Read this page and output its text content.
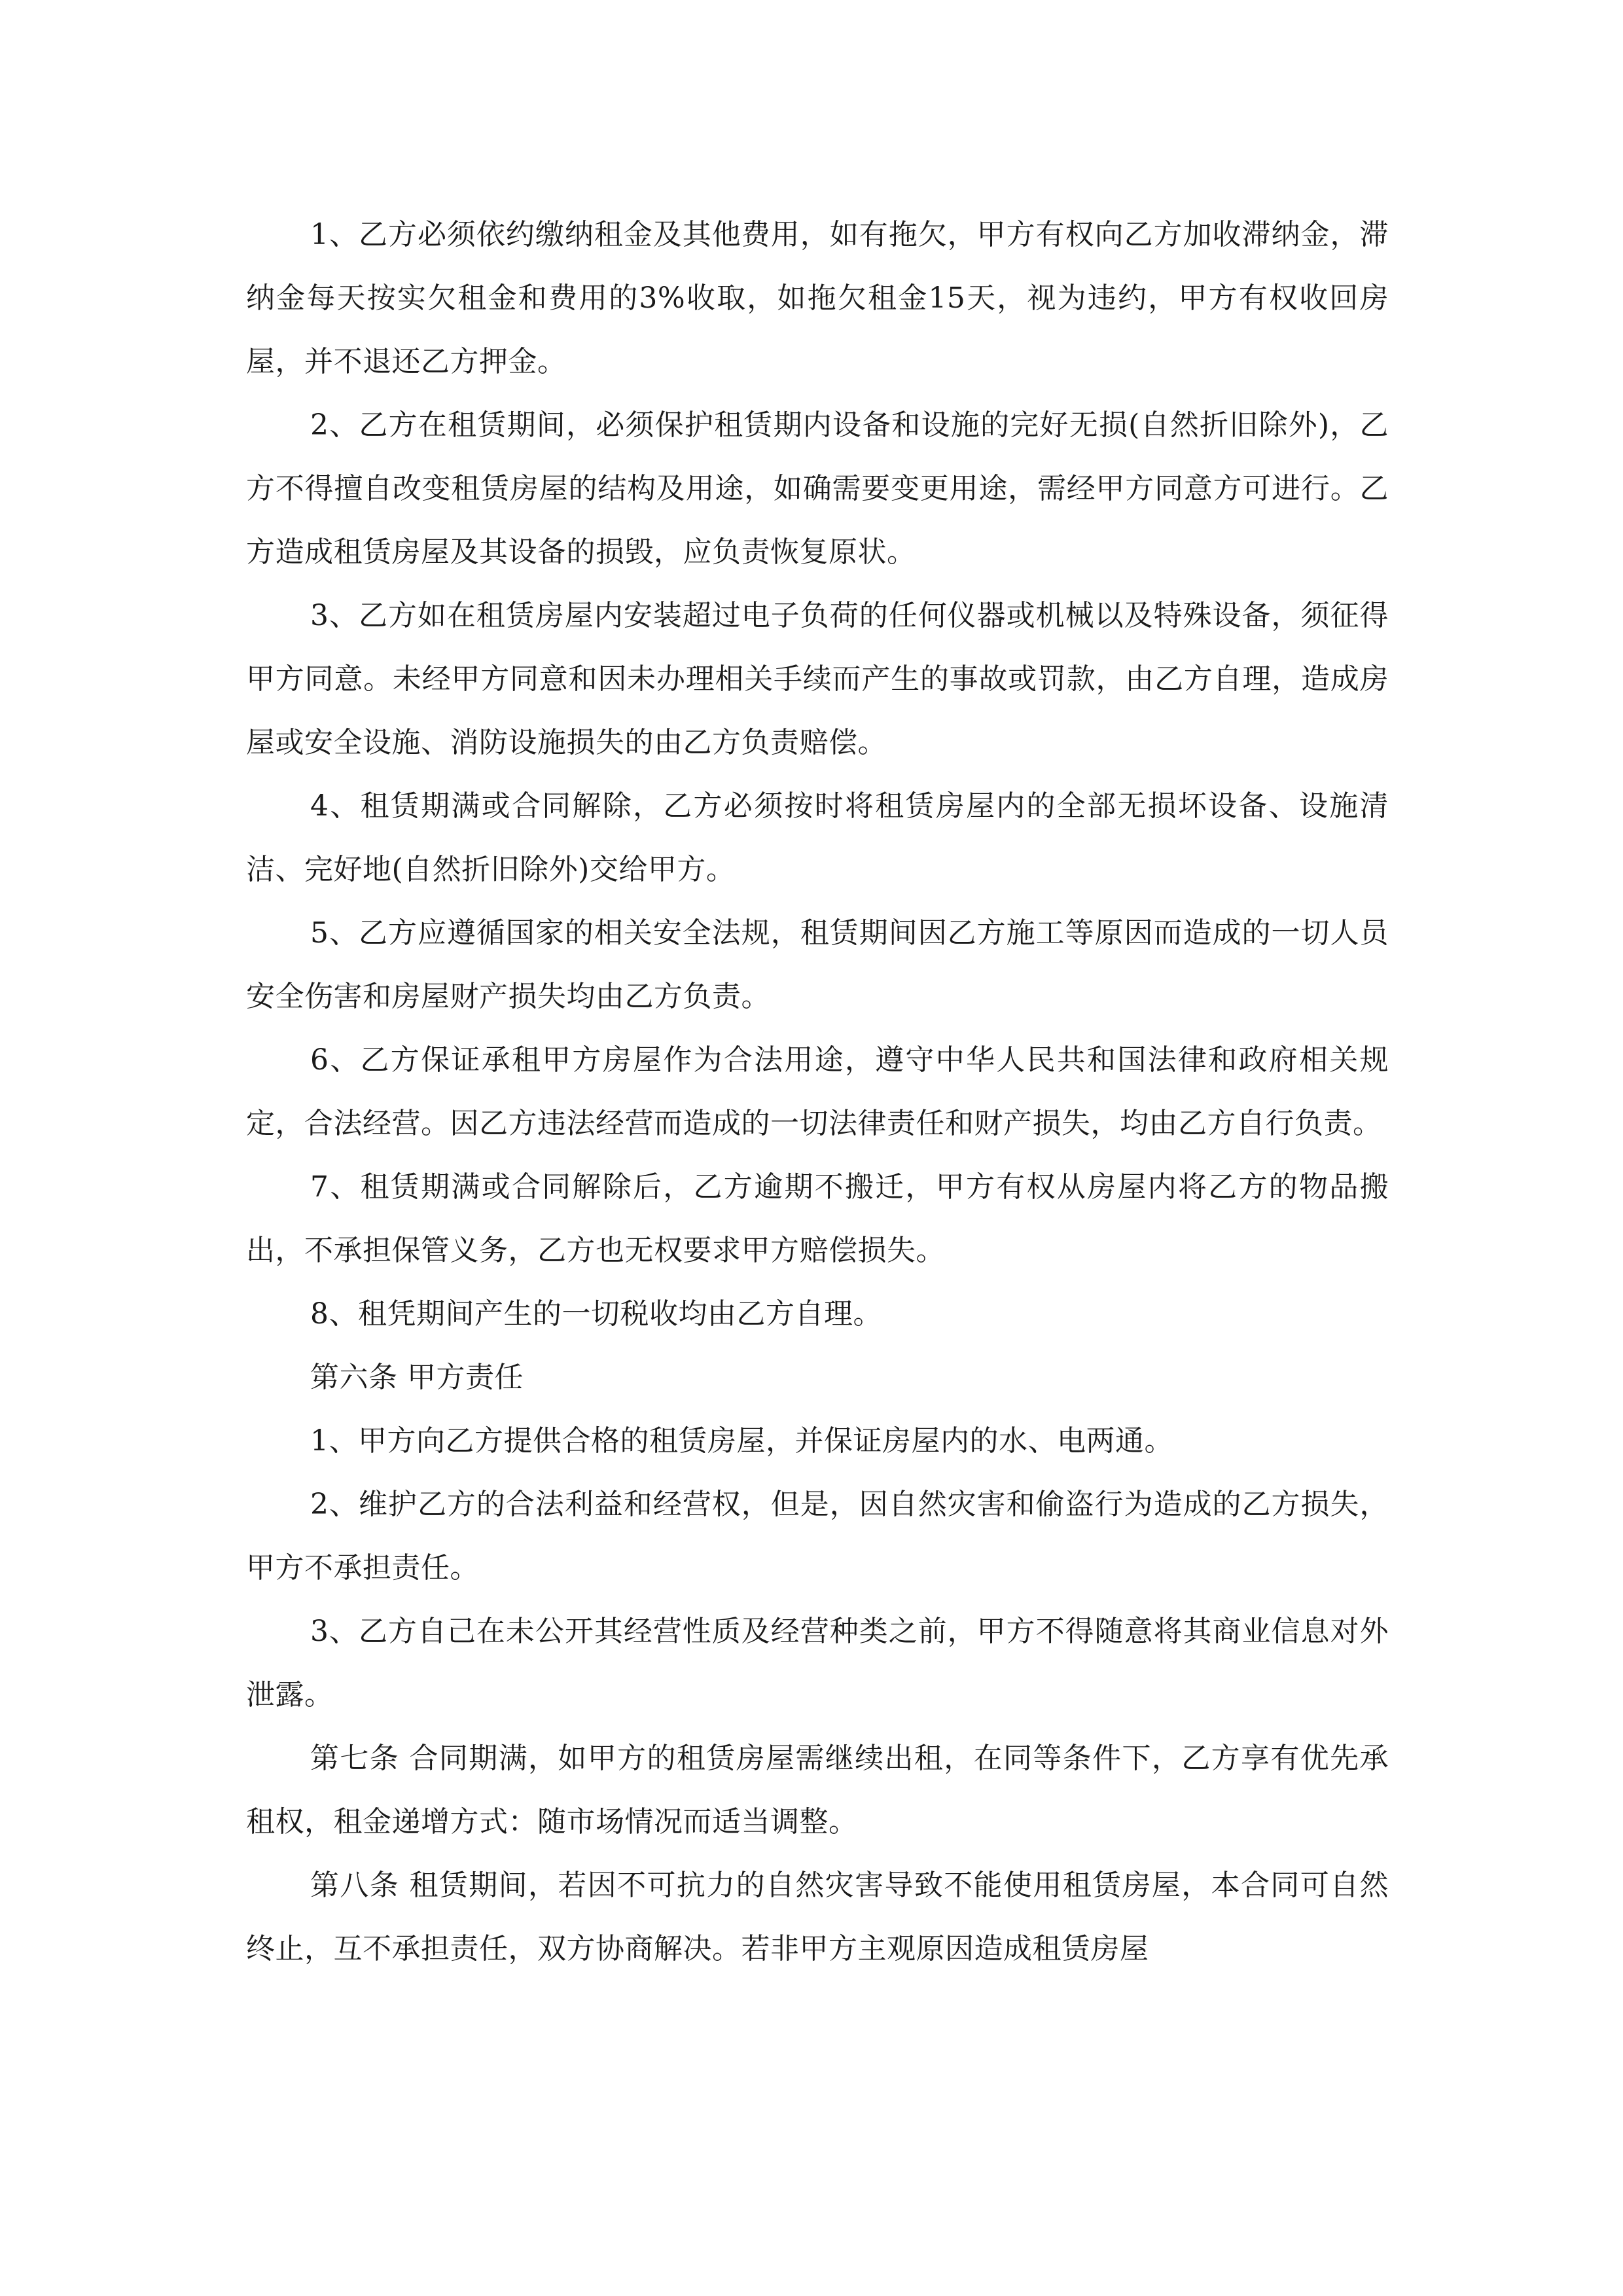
1、乙方必须依约缴纳租金及其他费用，如有拖欠，甲方有权向乙方加收滞纳金，滞纳金每天按实欠租金和费用的3%收取，如拖欠租金15天，视为违约，甲方有权收回房屋，并不退还乙方押金。

2、乙方在租赁期间，必须保护租赁期内设备和设施的完好无损(自然折旧除外)，乙方不得擅自改变租赁房屋的结构及用途，如确需要变更用途，需经甲方同意方可进行。乙方造成租赁房屋及其设备的损毁，应负责恢复原状。

3、乙方如在租赁房屋内安装超过电子负荷的任何仪器或机械以及特殊设备，须征得甲方同意。未经甲方同意和因未办理相关手续而产生的事故或罚款，由乙方自理，造成房屋或安全设施、消防设施损失的由乙方负责赔偿。

4、租赁期满或合同解除，乙方必须按时将租赁房屋内的全部无损坏设备、设施清洁、完好地(自然折旧除外)交给甲方。

5、乙方应遵循国家的相关安全法规，租赁期间因乙方施工等原因而造成的一切人员安全伤害和房屋财产损失均由乙方负责。

6、乙方保证承租甲方房屋作为合法用途，遵守中华人民共和国法律和政府相关规定，合法经营。因乙方违法经营而造成的一切法律责任和财产损失，均由乙方自行负责。

7、租赁期满或合同解除后，乙方逾期不搬迁，甲方有权从房屋内将乙方的物品搬出，不承担保管义务，乙方也无权要求甲方赔偿损失。

8、租凭期间产生的一切税收均由乙方自理。

第六条 甲方责任

1、甲方向乙方提供合格的租赁房屋，并保证房屋内的水、电两通。

2、维护乙方的合法利益和经营权，但是，因自然灾害和偷盗行为造成的乙方损失，甲方不承担责任。

3、乙方自己在未公开其经营性质及经营种类之前，甲方不得随意将其商业信息对外泄露。

第七条 合同期满，如甲方的租赁房屋需继续出租，在同等条件下，乙方享有优先承租权，租金递增方式：随市场情况而适当调整。

第八条 租赁期间，若因不可抗力的自然灾害导致不能使用租赁房屋，本合同可自然终止，互不承担责任，双方协商解决。若非甲方主观原因造成租赁房屋
